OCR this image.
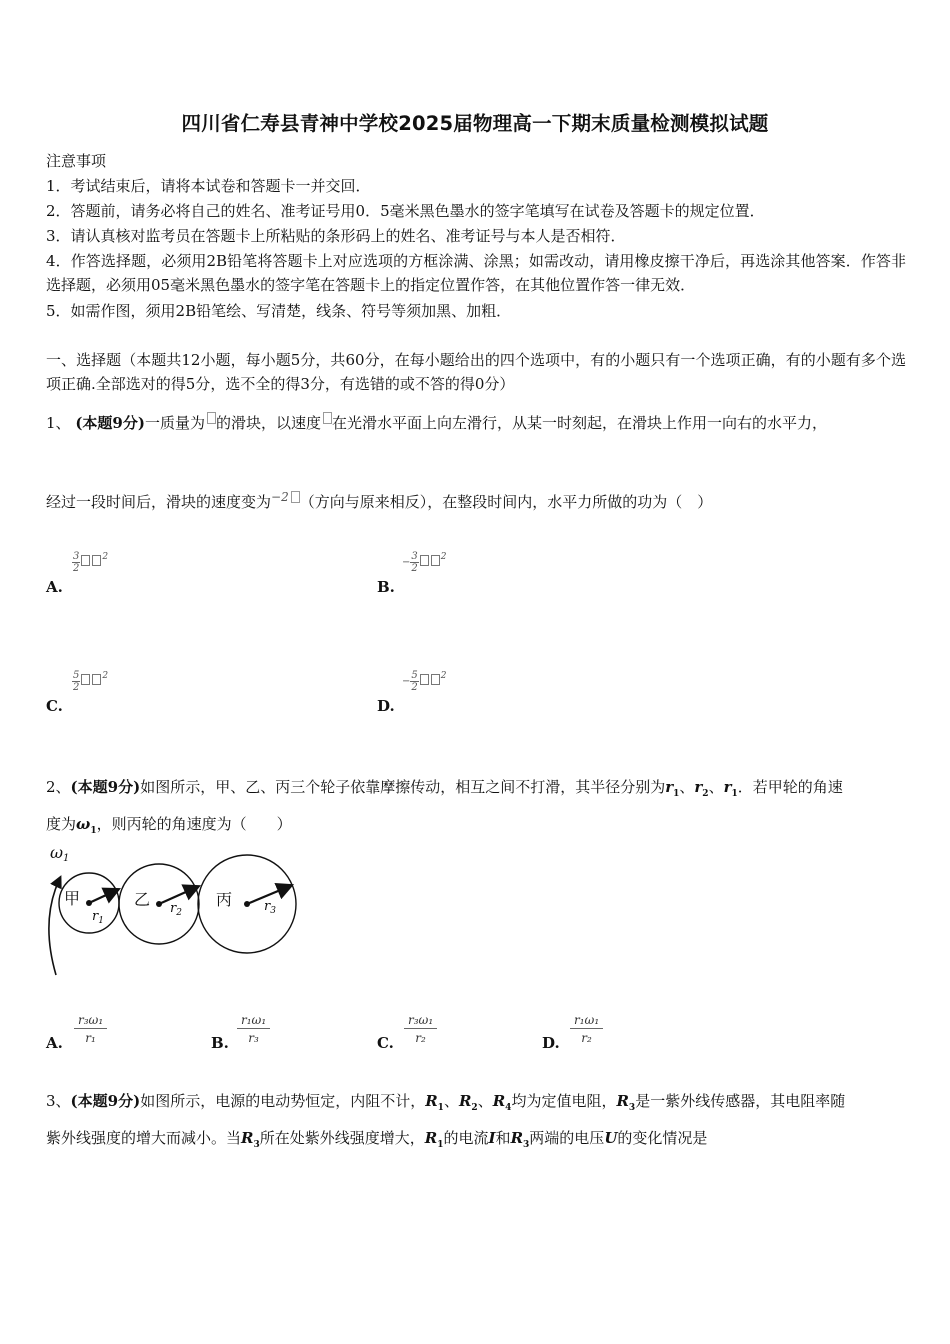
四川省仁寿县青神中学校2025届物理高一下期末质量检测模拟试题
注意事项
1．考试结束后，请将本试卷和答题卡一并交回．
2．答题前，请务必将自己的姓名、准考证号用0．5毫米黑色墨水的签字笔填写在试卷及答题卡的规定位置．
3．请认真核对监考员在答题卡上所粘贴的条形码上的姓名、准考证号与本人是否相符．
4．作答选择题，必须用2B铅笔将答题卡上对应选项的方框涂满、涂黑；如需改动，请用橡皮擦干净后，再选涂其他答案．作答非选择题，必须用05毫米黑色墨水的签字笔在答题卡上的指定位置作答，在其他位置作答一律无效．
5．如需作图，须用2B铅笔绘、写清楚，线条、符号等须加黑、加粗．
一、选择题（本题共12小题，每小题5分，共60分，在每小题给出的四个选项中，有的小题只有一个选项正确，有的小题有多个选项正确.全部选对的得5分，选不全的得3分，有选错的或不答的得0分）
1、 (本题9分)一质量为 的滑块，以速度 在光滑水平面上向左滑行，从某一时刻起，在滑块上作用一向右的水平力，
经过一段时间后，滑块的速度变为$^{-2}$ （方向与原来相反），在整段时间内，水平力所做的功为（　）
$\frac{3}{2} 2$
A.
− $\frac{3}{2} 2$
B.
$\frac{5}{2} 2$
C.
− $\frac{5}{2} 2$
D.
2、(本题9分)如图所示，甲、乙、丙三个轮子依靠摩擦传动，相互之间不打滑，其半径分别为$r_1$、$r_2$、$r_1$．若甲轮的角速
度为$\omega_1$，则丙轮的角速度为（　　）
ω1
甲
$r_1$
乙 $r_2$
丙 $r_3$
A.
r₃ω₁
r₁	B.
r₁ω₁
r₃	C.
r₃ω₁
r₂	D.
r₁ω₁
r₂
3、(本题9分)如图所示，电源的电动势恒定，内阻不计，$R_1$、$R_2$、$R_4$均为定值电阻，$R_3$是一紫外线传感器，其电阻率随
紫外线强度的增大而减小。当$R_3$所在处紫外线强度增大，$R_1$的电流I和$R_3$两端的电压U的变化情况是
